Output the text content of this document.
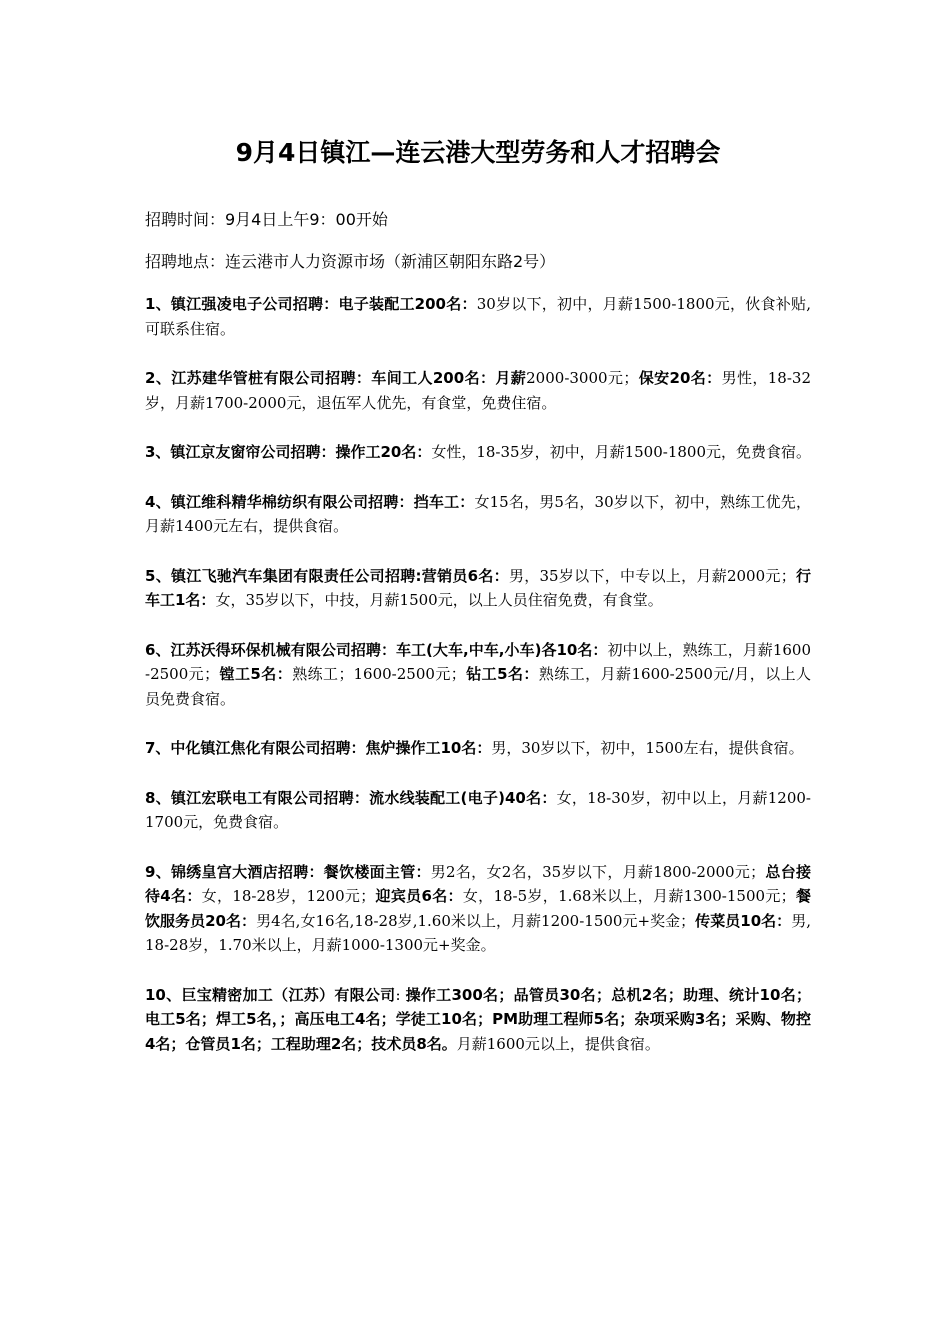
9月4日镇江—连云港大型劳务和人才招聘会

招聘时间：9月4日上午9：00开始

招聘地点：连云港市人力资源市场（新浦区朝阳东路2号）

1、镇江强凌电子公司招聘：电子装配工200名：30岁以下，初中，月薪1500-1800元，伙食补贴,可联系住宿。

2、江苏建华管桩有限公司招聘：车间工人200名：月薪2000-3000元；保安20名：男性，18-32岁，月薪1700-2000元，退伍军人优先，有食堂，免费住宿。

3、镇江京友窗帘公司招聘：操作工20名：女性，18-35岁，初中，月薪1500-1800元，免费食宿。

4、镇江维科精华棉纺织有限公司招聘：挡车工：女15名，男5名，30岁以下，初中，熟练工优先，月薪1400元左右，提供食宿。

5、镇江飞驰汽车集团有限责任公司招聘:营销员6名：男，35岁以下，中专以上，月薪2000元；行车工1名：女，35岁以下，中技，月薪1500元，以上人员住宿免费，有食堂。

6、江苏沃得环保机械有限公司招聘：车工(大车,中车,小车)各10名：初中以上，熟练工，月薪1600-2500元；镗工5名：熟练工；1600-2500元；钻工5名：熟练工，月薪1600-2500元/月，以上人员免费食宿。

7、中化镇江焦化有限公司招聘：焦炉操作工10名：男，30岁以下，初中，1500左右，提供食宿。

8、镇江宏联电工有限公司招聘：流水线装配工(电子)40名：女，18-30岁，初中以上，月薪1200-1700元，免费食宿。

9、锦绣皇宫大酒店招聘：餐饮楼面主管：男2名，女2名，35岁以下，月薪1800-2000元；总台接待4名：女，18-28岁，1200元；迎宾员6名：女，18-5岁，1.68米以上，月薪1300-1500元；餐饮服务员20名：男4名,女16名,18-28岁,1.60米以上，月薪1200-1500元+奖金；传菜员10名：男,18-28岁，1.70米以上，月薪1000-1300元+奖金。

10、巨宝精密加工（江苏）有限公司: 操作工300名；品管员30名；总机2名；助理、统计10名；电工5名；焊工5名，；高压电工4名；学徒工10名；PM助理工程师5名；杂项采购3名；采购、物控4名；仓管员1名；工程助理2名；技术员8名。月薪1600元以上，提供食宿。
